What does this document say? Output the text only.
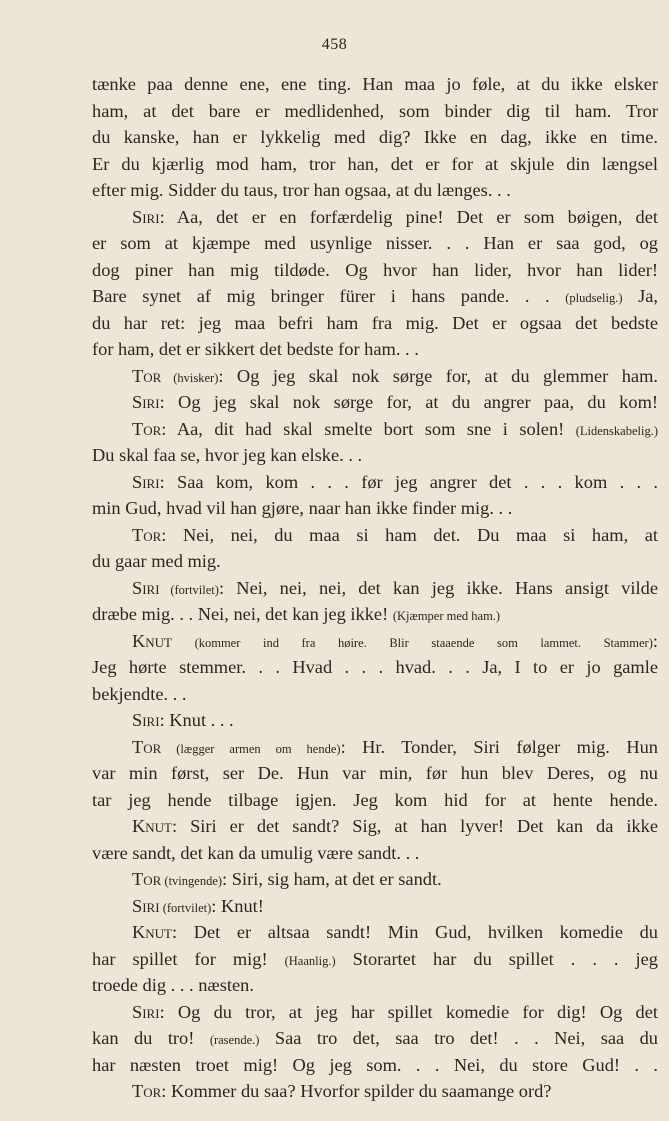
458
tænke paa denne ene, ene ting. Han maa jo føle, at du ikke elsker
ham, at det bare er medlidenhed, som binder dig til ham. Tror
du kanske, han er lykkelig med dig? Ikke en dag, ikke en time.
Er du kjærlig mod ham, tror han, det er for at skjule din længsel
efter mig. Sidder du taus, tror han ogsaa, at du længes. . .
Siri: Aa, det er en forfærdelig pine! Det er som bøigen, det
er som at kjæmpe med usynlige nisser. . . Han er saa god, og
dog piner han mig tildøde. Og hvor han lider, hvor han lider!
Bare synet af mig bringer fürer i hans pande. . . (pludselig.) Ja,
du har ret: jeg maa befri ham fra mig. Det er ogsaa det bedste
for ham, det er sikkert det bedste for ham. . .
Tor (hvisker): Og jeg skal nok sørge for, at du glemmer ham.
Siri: Og jeg skal nok sørge for, at du angrer paa, du kom!
Tor: Aa, dit had skal smelte bort som sne i solen! (Lidenskabelig.)
Du skal faa se, hvor jeg kan elske. . .
Siri: Saa kom, kom . . . før jeg angrer det . . . kom . . .
min Gud, hvad vil han gjøre, naar han ikke finder mig. . .
Tor: Nei, nei, du maa si ham det. Du maa si ham, at
du gaar med mig.
Siri (fortvilet): Nei, nei, nei, det kan jeg ikke. Hans ansigt vilde
dræbe mig. . . Nei, nei, det kan jeg ikke! (Kjæmper med ham.)
Knut (kommer ind fra høire. Blir staaende som lammet. Stammer):
Jeg hørte stemmer. . . Hvad . . . hvad. . . Ja, I to er jo gamle
bekjendte. . .
Siri: Knut . . .
Tor (lægger armen om hende): Hr. Tonder, Siri følger mig. Hun
var min først, ser De. Hun var min, før hun blev Deres, og nu
tar jeg hende tilbage igjen. Jeg kom hid for at hente hende.
Knut: Siri er det sandt? Sig, at han lyver! Det kan da ikke
være sandt, det kan da umulig være sandt. . .
Tor (tvingende): Siri, sig ham, at det er sandt.
Siri (fortvilet): Knut!
Knut: Det er altsaa sandt! Min Gud, hvilken komedie du
har spillet for mig! (Haanlig.) Storartet har du spillet . . . jeg
troede dig . . . næsten.
Siri: Og du tror, at jeg har spillet komedie for dig! Og det
kan du tro! (rasende.) Saa tro det, saa tro det! . . Nei, saa du
har næsten troet mig! Og jeg som. . . Nei, du store Gud! . .
Tor: Kommer du saa? Hvorfor spilder du saamange ord?
